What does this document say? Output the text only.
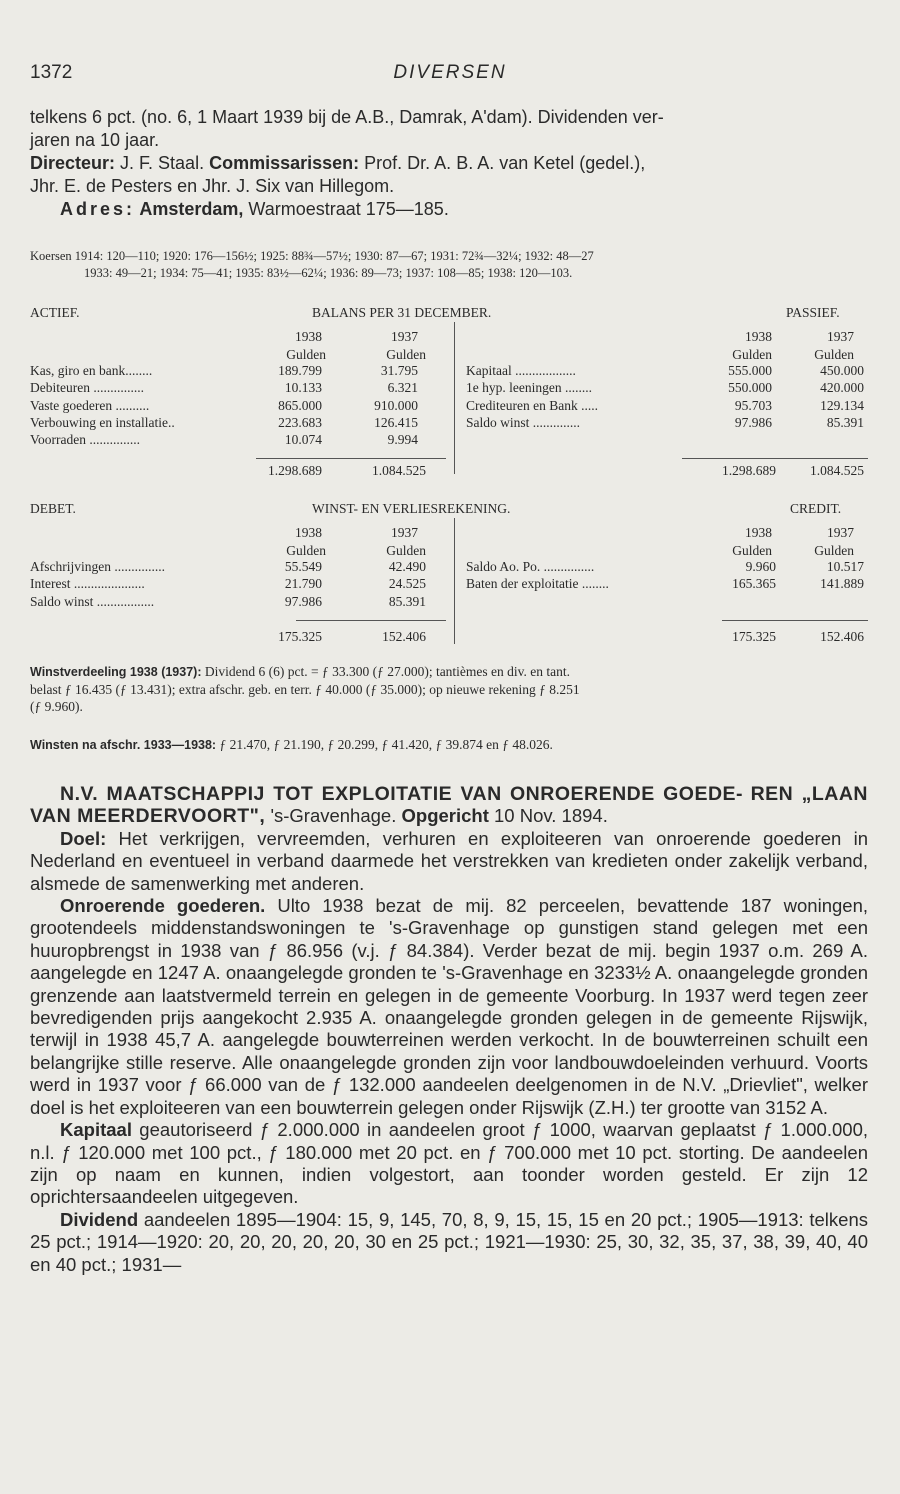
1372	DIVERSEN
telkens 6 pct. (no. 6, 1 Maart 1939 bij de A.B., Damrak, A'dam). Dividenden ver-
jaren na 10 jaar.
Directeur: J. F. Staal. Commissarissen: Prof. Dr. A. B. A. van Ketel (gedel.),
Jhr. E. de Pesters en Jhr. J. Six van Hillegom.
Adres: Amsterdam, Warmoestraat 175—185.
Koersen 1914: 120—110; 1920: 176—156½; 1925: 88¾—57½; 1930: 87—67; 1931: 72¾—32¼; 1932: 48—27
1933: 49—21; 1934: 75—41; 1935: 83½—62¼; 1936: 89—73; 1937: 108—85; 1938: 120—103.
ACTIEF.	BALANS PER 31 DECEMBER.	PASSIEF.
1938	1937
Gulden	Gulden
1938	1937
Gulden	Gulden
Kas, giro en bank........	189.799	31.795
Debiteuren ...............	10.133	6.321
Vaste goederen ..........	865.000	910.000
Verbouwing en installatie..	223.683	126.415
Voorraden ...............	10.074	9.994
Kapitaal ..................	555.000	450.000
1e hyp. leeningen ........	550.000	420.000
Crediteuren en Bank .....	95.703	129.134
Saldo winst ..............	97.986	85.391
1.298.689	1.084.525	1.298.689	1.084.525
DEBET.	WINST- EN VERLIESREKENING.	CREDIT.
1938	1937
Gulden	Gulden
1938	1937
Gulden	Gulden
Afschrijvingen ...............	55.549	42.490
Interest .....................	21.790	24.525
Saldo winst .................	97.986	85.391
Saldo Ao. Po. ...............	9.960	10.517
Baten der exploitatie ........	165.365	141.889
175.325	152.406	175.325	152.406
Winstverdeeling 1938 (1937): Dividend 6 (6) pct. = ƒ 33.300 (ƒ 27.000); tantièmes en div. en tant.
belast ƒ 16.435 (ƒ 13.431); extra afschr. geb. en terr. ƒ 40.000 (ƒ 35.000); op nieuwe rekening ƒ 8.251
(ƒ 9.960).
Winsten na afschr. 1933—1938: ƒ 21.470, ƒ 21.190, ƒ 20.299, ƒ 41.420, ƒ 39.874 en ƒ 48.026.

N.V. MAATSCHAPPIJ TOT EXPLOITATIE VAN ONROERENDE GOEDE- REN „LAAN VAN MEERDERVOORT", 's-Gravenhage. Opgericht 10 Nov. 1894.

Doel: Het verkrijgen, vervreemden, verhuren en exploiteeren van onroerende goederen in Nederland en eventueel in verband daarmede het verstrekken van kredieten onder zakelijk verband, alsmede de samenwerking met anderen.

Onroerende goederen. Ulto 1938 bezat de mij. 82 perceelen, bevattende 187 woningen, grootendeels middenstandswoningen te 's-Gravenhage op gunstigen stand gelegen met een huuropbrengst in 1938 van ƒ 86.956 (v.j. ƒ 84.384). Verder bezat de mij. begin 1937 o.m. 269 A. aangelegde en 1247 A. onaangelegde gronden te 's-Gravenhage en 3233½ A. onaangelegde gronden grenzende aan laatstvermeld terrein en gelegen in de gemeente Voorburg. In 1937 werd tegen zeer bevredigenden prijs aangekocht 2.935 A. onaangelegde gronden gelegen in de gemeente Rijswijk, terwijl in 1938 45,7 A. aangelegde bouwterreinen werden verkocht. In de bouwterreinen schuilt een belangrijke stille reserve. Alle onaangelegde gronden zijn voor landbouwdoeleinden verhuurd. Voorts werd in 1937 voor ƒ 66.000 van de ƒ 132.000 aandeelen deelgenomen in de N.V. „Drievliet", welker doel is het exploiteeren van een bouwterrein gelegen onder Rijswijk (Z.H.) ter grootte van 3152 A.

Kapitaal geautoriseerd ƒ 2.000.000 in aandeelen groot ƒ 1000, waarvan geplaatst ƒ 1.000.000, n.l. ƒ 120.000 met 100 pct., ƒ 180.000 met 20 pct. en ƒ 700.000 met 10 pct. storting. De aandeelen zijn op naam en kunnen, indien volgestort, aan toonder worden gesteld. Er zijn 12 oprichtersaandeelen uitgegeven.

Dividend aandeelen 1895—1904: 15, 9, 145, 70, 8, 9, 15, 15, 15 en 20 pct.; 1905—1913: telkens 25 pct.; 1914—1920: 20, 20, 20, 20, 20, 30 en 25 pct.; 1921—1930: 25, 30, 32, 35, 37, 38, 39, 40, 40 en 40 pct.; 1931—
